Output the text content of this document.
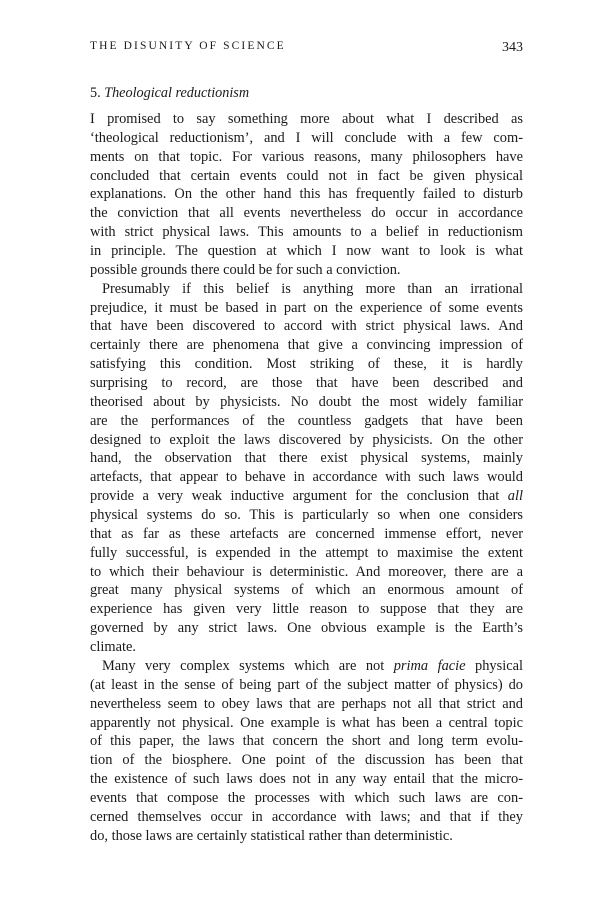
THE DISUNITY OF SCIENCE	343
5. Theological reductionism
I promised to say something more about what I described as
‘theological reductionism’, and I will conclude with a few com-
ments on that topic. For various reasons, many philosophers have
concluded that certain events could not in fact be given physical
explanations. On the other hand this has frequently failed to disturb
the conviction that all events nevertheless do occur in accordance
with strict physical laws. This amounts to a belief in reductionism
in principle. The question at which I now want to look is what
possible grounds there could be for such a conviction.
Presumably if this belief is anything more than an irrational
prejudice, it must be based in part on the experience of some events
that have been discovered to accord with strict physical laws. And
certainly there are phenomena that give a convincing impression of
satisfying this condition. Most striking of these, it is hardly
surprising to record, are those that have been described and
theorised about by physicists. No doubt the most widely familiar
are the performances of the countless gadgets that have been
designed to exploit the laws discovered by physicists. On the other
hand, the observation that there exist physical systems, mainly
artefacts, that appear to behave in accordance with such laws would
provide a very weak inductive argument for the conclusion that all
physical systems do so. This is particularly so when one considers
that as far as these artefacts are concerned immense effort, never
fully successful, is expended in the attempt to maximise the extent
to which their behaviour is deterministic. And moreover, there are a
great many physical systems of which an enormous amount of
experience has given very little reason to suppose that they are
governed by any strict laws. One obvious example is the Earth’s
climate.
Many very complex systems which are not prima facie physical
(at least in the sense of being part of the subject matter of physics) do
nevertheless seem to obey laws that are perhaps not all that strict and
apparently not physical. One example is what has been a central topic
of this paper, the laws that concern the short and long term evolu-
tion of the biosphere. One point of the discussion has been that
the existence of such laws does not in any way entail that the micro-
events that compose the processes with which such laws are con-
cerned themselves occur in accordance with laws; and that if they
do, those laws are certainly statistical rather than deterministic.
